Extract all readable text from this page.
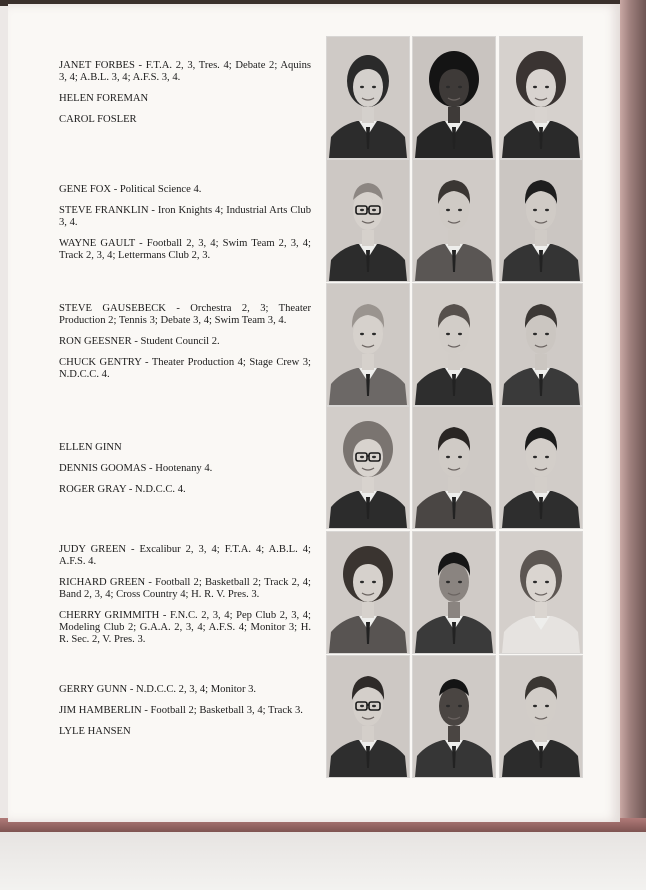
JANET FORBES - F.T.A. 2, 3, Tres. 4; Debate 2; Aquins 3, 4; A.B.L. 3, 4; A.F.S. 3, 4.

HELEN FOREMAN

CAROL FOSLER

GENE FOX - Political Science 4.

STEVE FRANKLIN - Iron Knights 4; Industrial Arts Club 3, 4.

WAYNE GAULT - Football 2, 3, 4; Swim Team 2, 3, 4; Track 2, 3, 4; Lettermans Club 2, 3.

STEVE GAUSEBECK - Orchestra 2, 3; Theater Production 2; Tennis 3; Debate 3, 4; Swim Team 3, 4.

RON GEESNER - Student Council 2.

CHUCK GENTRY - Theater Production 4; Stage Crew 3; N.D.C.C. 4.

ELLEN GINN

DENNIS GOOMAS - Hootenany 4.

ROGER GRAY - N.D.C.C. 4.

JUDY GREEN - Excalibur 2, 3, 4; F.T.A. 4; A.B.L. 4; A.F.S. 4.

RICHARD GREEN - Football 2; Basketball 2; Track 2, 4; Band 2, 3, 4; Cross Country 4; H. R. V. Pres. 3.

CHERRY GRIMMITH - F.N.C. 2, 3, 4; Pep Club 2, 3, 4; Modeling Club 2; G.A.A. 2, 3, 4; A.F.S. 4; Monitor 3; H. R. Sec. 2, V. Pres. 3.

GERRY GUNN - N.D.C.C. 2, 3, 4; Monitor 3.

JIM HAMBERLIN - Football 2; Basketball 3, 4; Track 3.

LYLE HANSEN
